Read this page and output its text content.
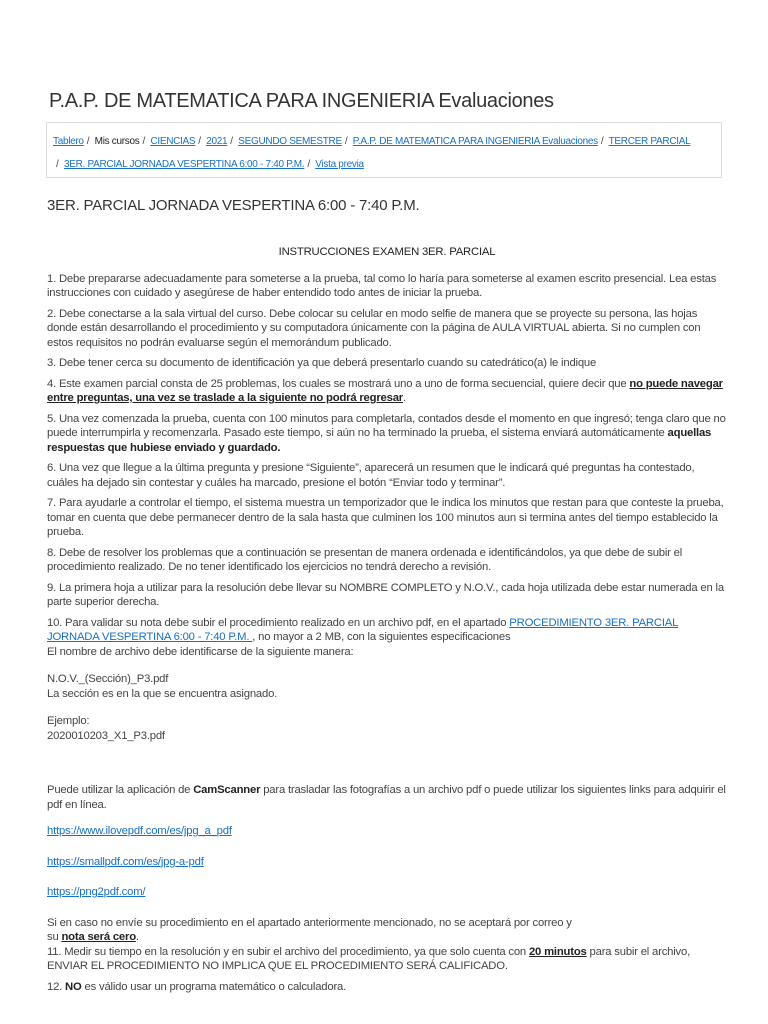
P.A.P. DE MATEMATICA PARA INGENIERIA Evaluaciones
Tablero / Mis cursos / CIENCIAS / 2021 / SEGUNDO SEMESTRE / P.A.P. DE MATEMATICA PARA INGENIERIA Evaluaciones / TERCER PARCIAL
/ 3ER. PARCIAL JORNADA VESPERTINA 6:00 - 7:40 P.M. / Vista previa
3ER. PARCIAL JORNADA VESPERTINA 6:00 - 7:40 P.M.

INSTRUCCIONES EXAMEN 3ER. PARCIAL

1. Debe prepararse adecuadamente para someterse a la prueba, tal como lo haría para someterse al examen escrito presencial. Lea estas instrucciones con cuidado y asegúrese de haber entendido todo antes de iniciar la prueba.

2. Debe conectarse a la sala virtual del curso. Debe colocar su celular en modo selfie de manera que se proyecte su persona, las hojas donde están desarrollando el procedimiento y su computadora únicamente con la página de AULA VIRTUAL abierta. Si no cumplen con estos requisitos no podrán evaluarse según el memorándum publicado.

3. Debe tener cerca su documento de identificación ya que deberá presentarlo cuando su catedrático(a) le indique

4. Este examen parcial consta de 25 problemas, los cuales se mostrará uno a uno de forma secuencial, quiere decir que no puede navegar entre preguntas, una vez se traslade a la siguiente no podrá regresar.

5. Una vez comenzada la prueba, cuenta con 100 minutos para completarla, contados desde el momento en que ingresó; tenga claro que no puede interrumpirla y recomenzarla. Pasado este tiempo, si aún no ha terminado la prueba, el sistema enviará automáticamente aquellas respuestas que hubiese enviado y guardado.

6. Una vez que llegue a la última pregunta y presione “Siguiente”, aparecerá un resumen que le indicará qué preguntas ha contestado, cuáles ha dejado sin contestar y cuáles ha marcado, presione el botón “Enviar todo y terminar”.

7. Para ayudarle a controlar el tiempo, el sistema muestra un temporizador que le indica los minutos que restan para que conteste la prueba, tomar en cuenta que debe permanecer dentro de la sala hasta que culminen los 100 minutos aun si termina antes del tiempo establecido la prueba.

8. Debe de resolver los problemas que a continuación se presentan de manera ordenada e identificándolos, ya que debe de subir el procedimiento realizado. De no tener identificado los ejercicios no tendrá derecho a revisión.

9. La primera hoja a utilizar para la resolución debe llevar su NOMBRE COMPLETO y N.O.V., cada hoja utilizada debe estar numerada en la parte superior derecha.

10. Para validar su nota debe subir el procedimiento realizado en un archivo pdf, en el apartado PROCEDIMIENTO 3ER. PARCIAL JORNADA VESPERTINA 6:00 - 7:40 P.M. , no mayor a 2 MB, con la siguientes especificaciones
El nombre de archivo debe identificarse de la siguiente manera:

N.O.V._(Sección)_P3.pdf
La sección es en la que se encuentra asignado.

Ejemplo:
2020010203_X1_P3.pdf

Puede utilizar la aplicación de CamScanner para trasladar las fotografías a un archivo pdf o puede utilizar los siguientes links para adquirir el pdf en línea.

https://www.ilovepdf.com/es/jpg_a_pdf

https://smallpdf.com/es/jpg-a-pdf

https://png2pdf.com/

Si en caso no envíe su procedimiento en el apartado anteriormente mencionado, no se aceptará por correo y
su nota será cero.

11. Medir su tiempo en la resolución y en subir el archivo del procedimiento, ya que solo cuenta con 20 minutos para subir el archivo, ENVIAR EL PROCEDIMIENTO NO IMPLICA QUE EL PROCEDIMIENTO SERÁ CALIFICADO.

12. NO es válido usar un programa matemático o calculadora.
